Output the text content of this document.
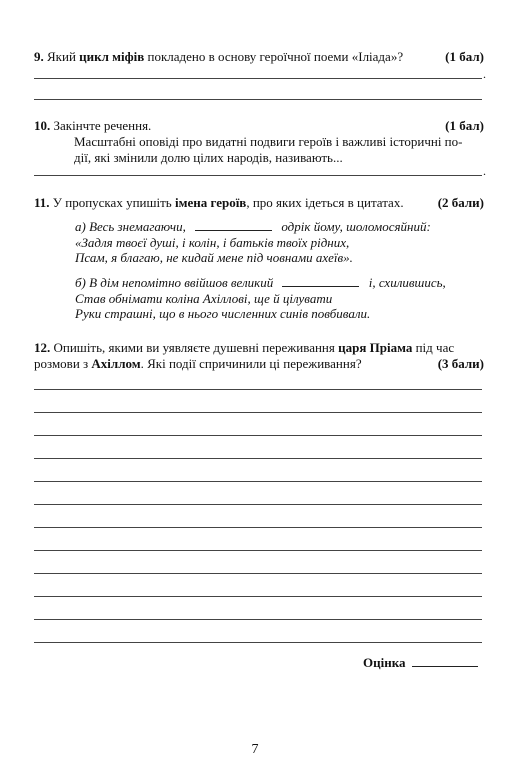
9. Який цикл міфів покладено в основу героїчної поеми «Іліада»?	(1 бал)
.
10. Закінчте речення.	(1 бал)
Масштабні оповіді про видатні подвиги героїв і важливі історичні по-
дії, які змінили долю цілих народів, називають...
.
11. У пропусках упишіть імена героїв, про яких ідеться в цитатах.	(2 бали)
а) Весь знемагаючи,	одрік йому, шоломосяйний:
«Задля твоєї душі, і колін, і батьків твоїх рідних,
Псам, я благаю, не кидай мене під човнами ахеїв».
б) В дім непомітно ввійшов великий	і, схилившись,
Став обнімати коліна Ахіллові, ще й цілувати
Руки страшні, що в нього численних синів повбивали.
12. Опишіть, якими ви уявляєте душевні переживання царя Пріама під час
розмови з Ахіллом. Які події спричинили ці переживання?	(3 бали)
Оцінка
7
